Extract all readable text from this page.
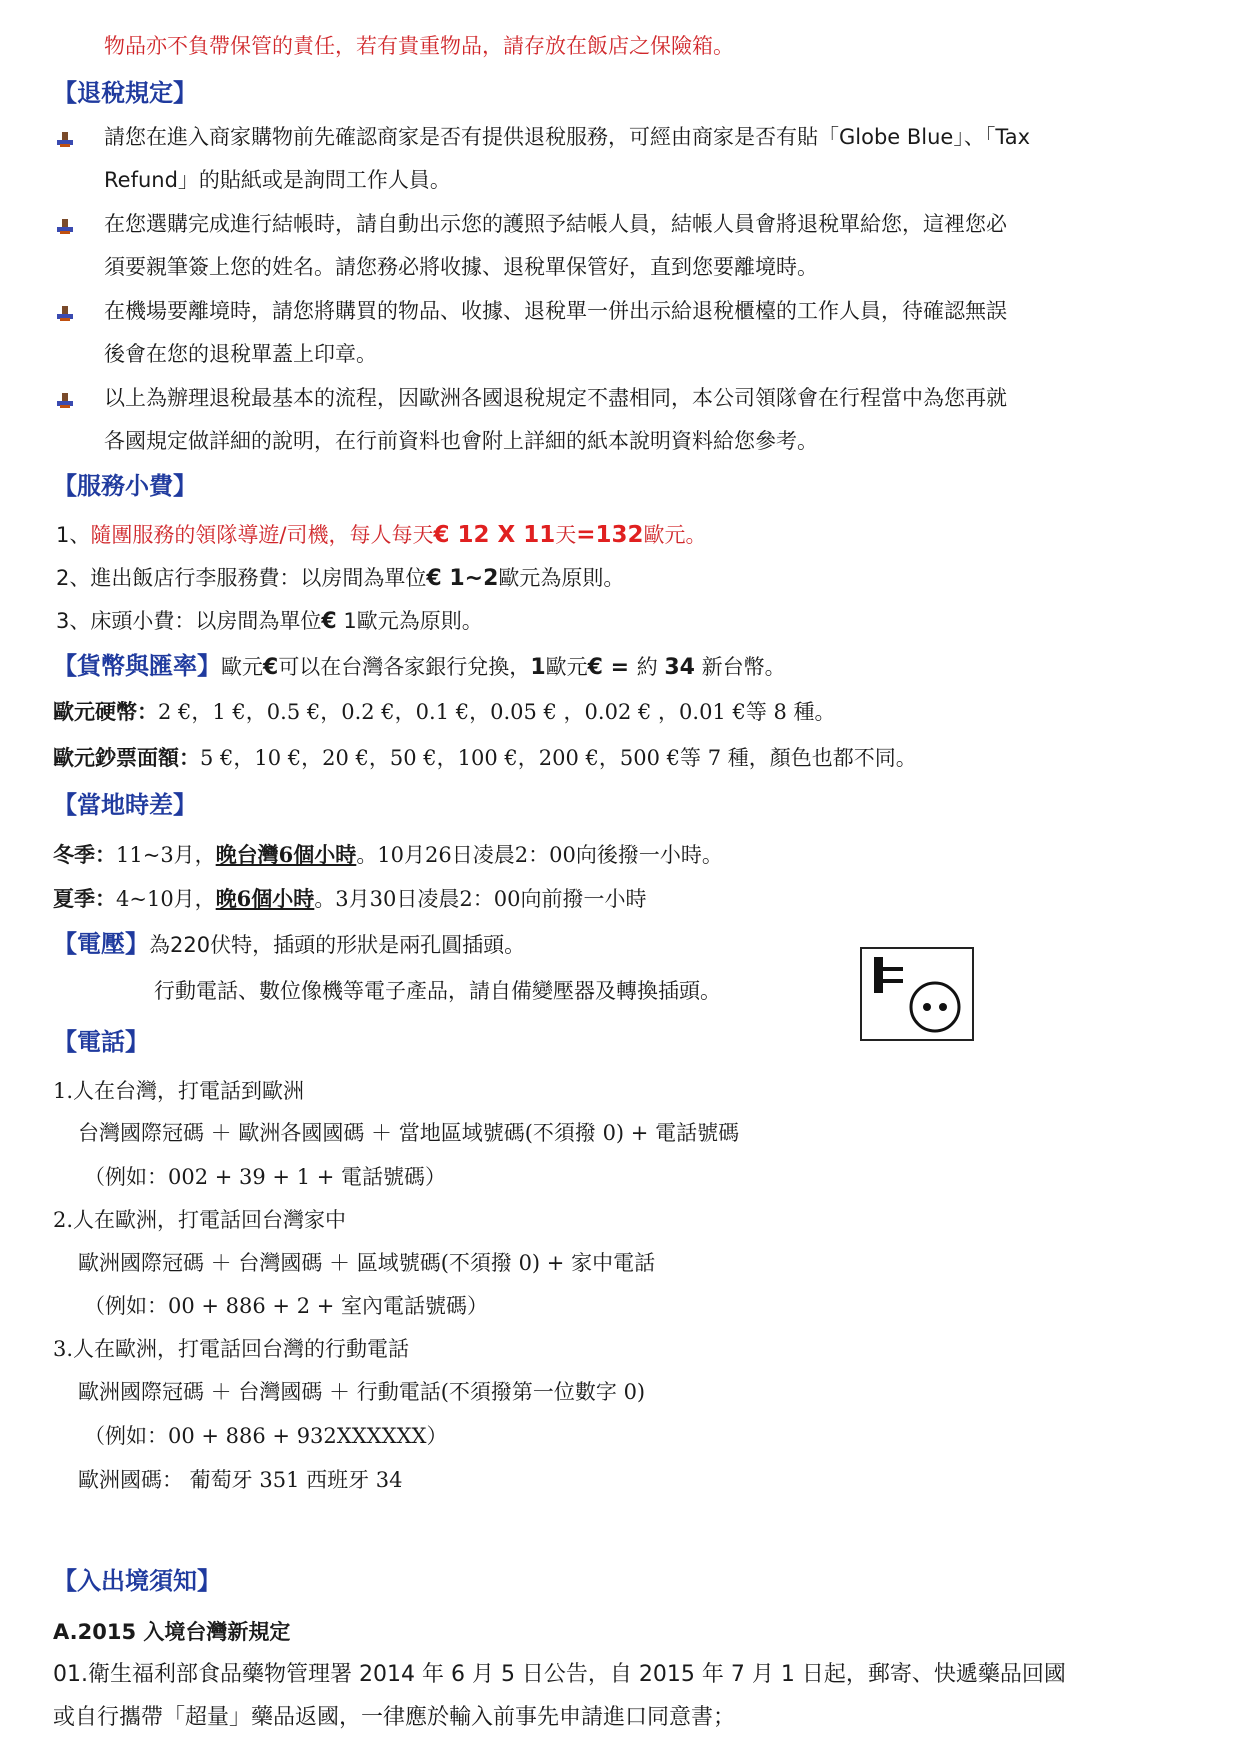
物品亦不負帶保管的責任，若有貴重物品，請存放在飯店之保險箱。
【退稅規定】
請您在進入商家購物前先確認商家是否有提供退稅服務，可經由商家是否有貼「Globe Blue」、「Tax
Refund」的貼紙或是詢問工作人員。
在您選購完成進行結帳時，請自動出示您的護照予結帳人員，結帳人員會將退稅單給您，這裡您必
須要親筆簽上您的姓名。請您務必將收據、退稅單保管好，直到您要離境時。
在機場要離境時，請您將購買的物品、收據、退稅單一併出示給退稅櫃檯的工作人員，待確認無誤
後會在您的退稅單蓋上印章。
以上為辦理退稅最基本的流程，因歐洲各國退稅規定不盡相同，本公司領隊會在行程當中為您再就
各國規定做詳細的說明，在行前資料也會附上詳細的紙本說明資料給您參考。
【服務小費】
1、隨團服務的領隊導遊/司機，每人每天€ 12 X 11天=132歐元。
2、進出飯店行李服務費：以房間為單位€ 1~2歐元為原則。
3、床頭小費：以房間為單位€ 1歐元為原則。
【貨幣與匯率】歐元€可以在台灣各家銀行兌換，1歐元€ = 約 34 新台幣。
歐元硬幣：2 €，1 €，0.5 €，0.2 €，0.1 €，0.05 € ，0.02 € ，0.01 €等 8 種。
歐元鈔票面額：5 €，10 €，20 €，50 €，100 €，200 €，500 €等 7 種，顏色也都不同。
【當地時差】
冬季：11~3月，晚台灣6個小時。10月26日凌晨2：00向後撥一小時。
夏季：4~10月，晚6個小時。3月30日凌晨2：00向前撥一小時
【電壓】為220伏特，插頭的形狀是兩孔圓插頭。
行動電話、數位像機等電子產品，請自備變壓器及轉換插頭。
【電話】
1.人在台灣，打電話到歐洲
台灣國際冠碼 ＋ 歐洲各國國碼 ＋ 當地區域號碼(不須撥 0) + 電話號碼
（例如：002 + 39 + 1 + 電話號碼）
2.人在歐洲，打電話回台灣家中
歐洲國際冠碼 ＋ 台灣國碼 ＋ 區域號碼(不須撥 0) + 家中電話
（例如：00 + 886 + 2 + 室內電話號碼）
3.人在歐洲，打電話回台灣的行動電話
歐洲國際冠碼 ＋ 台灣國碼 ＋ 行動電話(不須撥第一位數字 0)
（例如：00 + 886 + 932XXXXXX）
歐洲國碼： 葡萄牙 351 西班牙 34
【入出境須知】
A.2015 入境台灣新規定
01.衛生福利部食品藥物管理署 2014 年 6 月 5 日公告，自 2015 年 7 月 1 日起，郵寄、快遞藥品回國
或自行攜帶「超量」藥品返國，一律應於輸入前事先申請進口同意書；
